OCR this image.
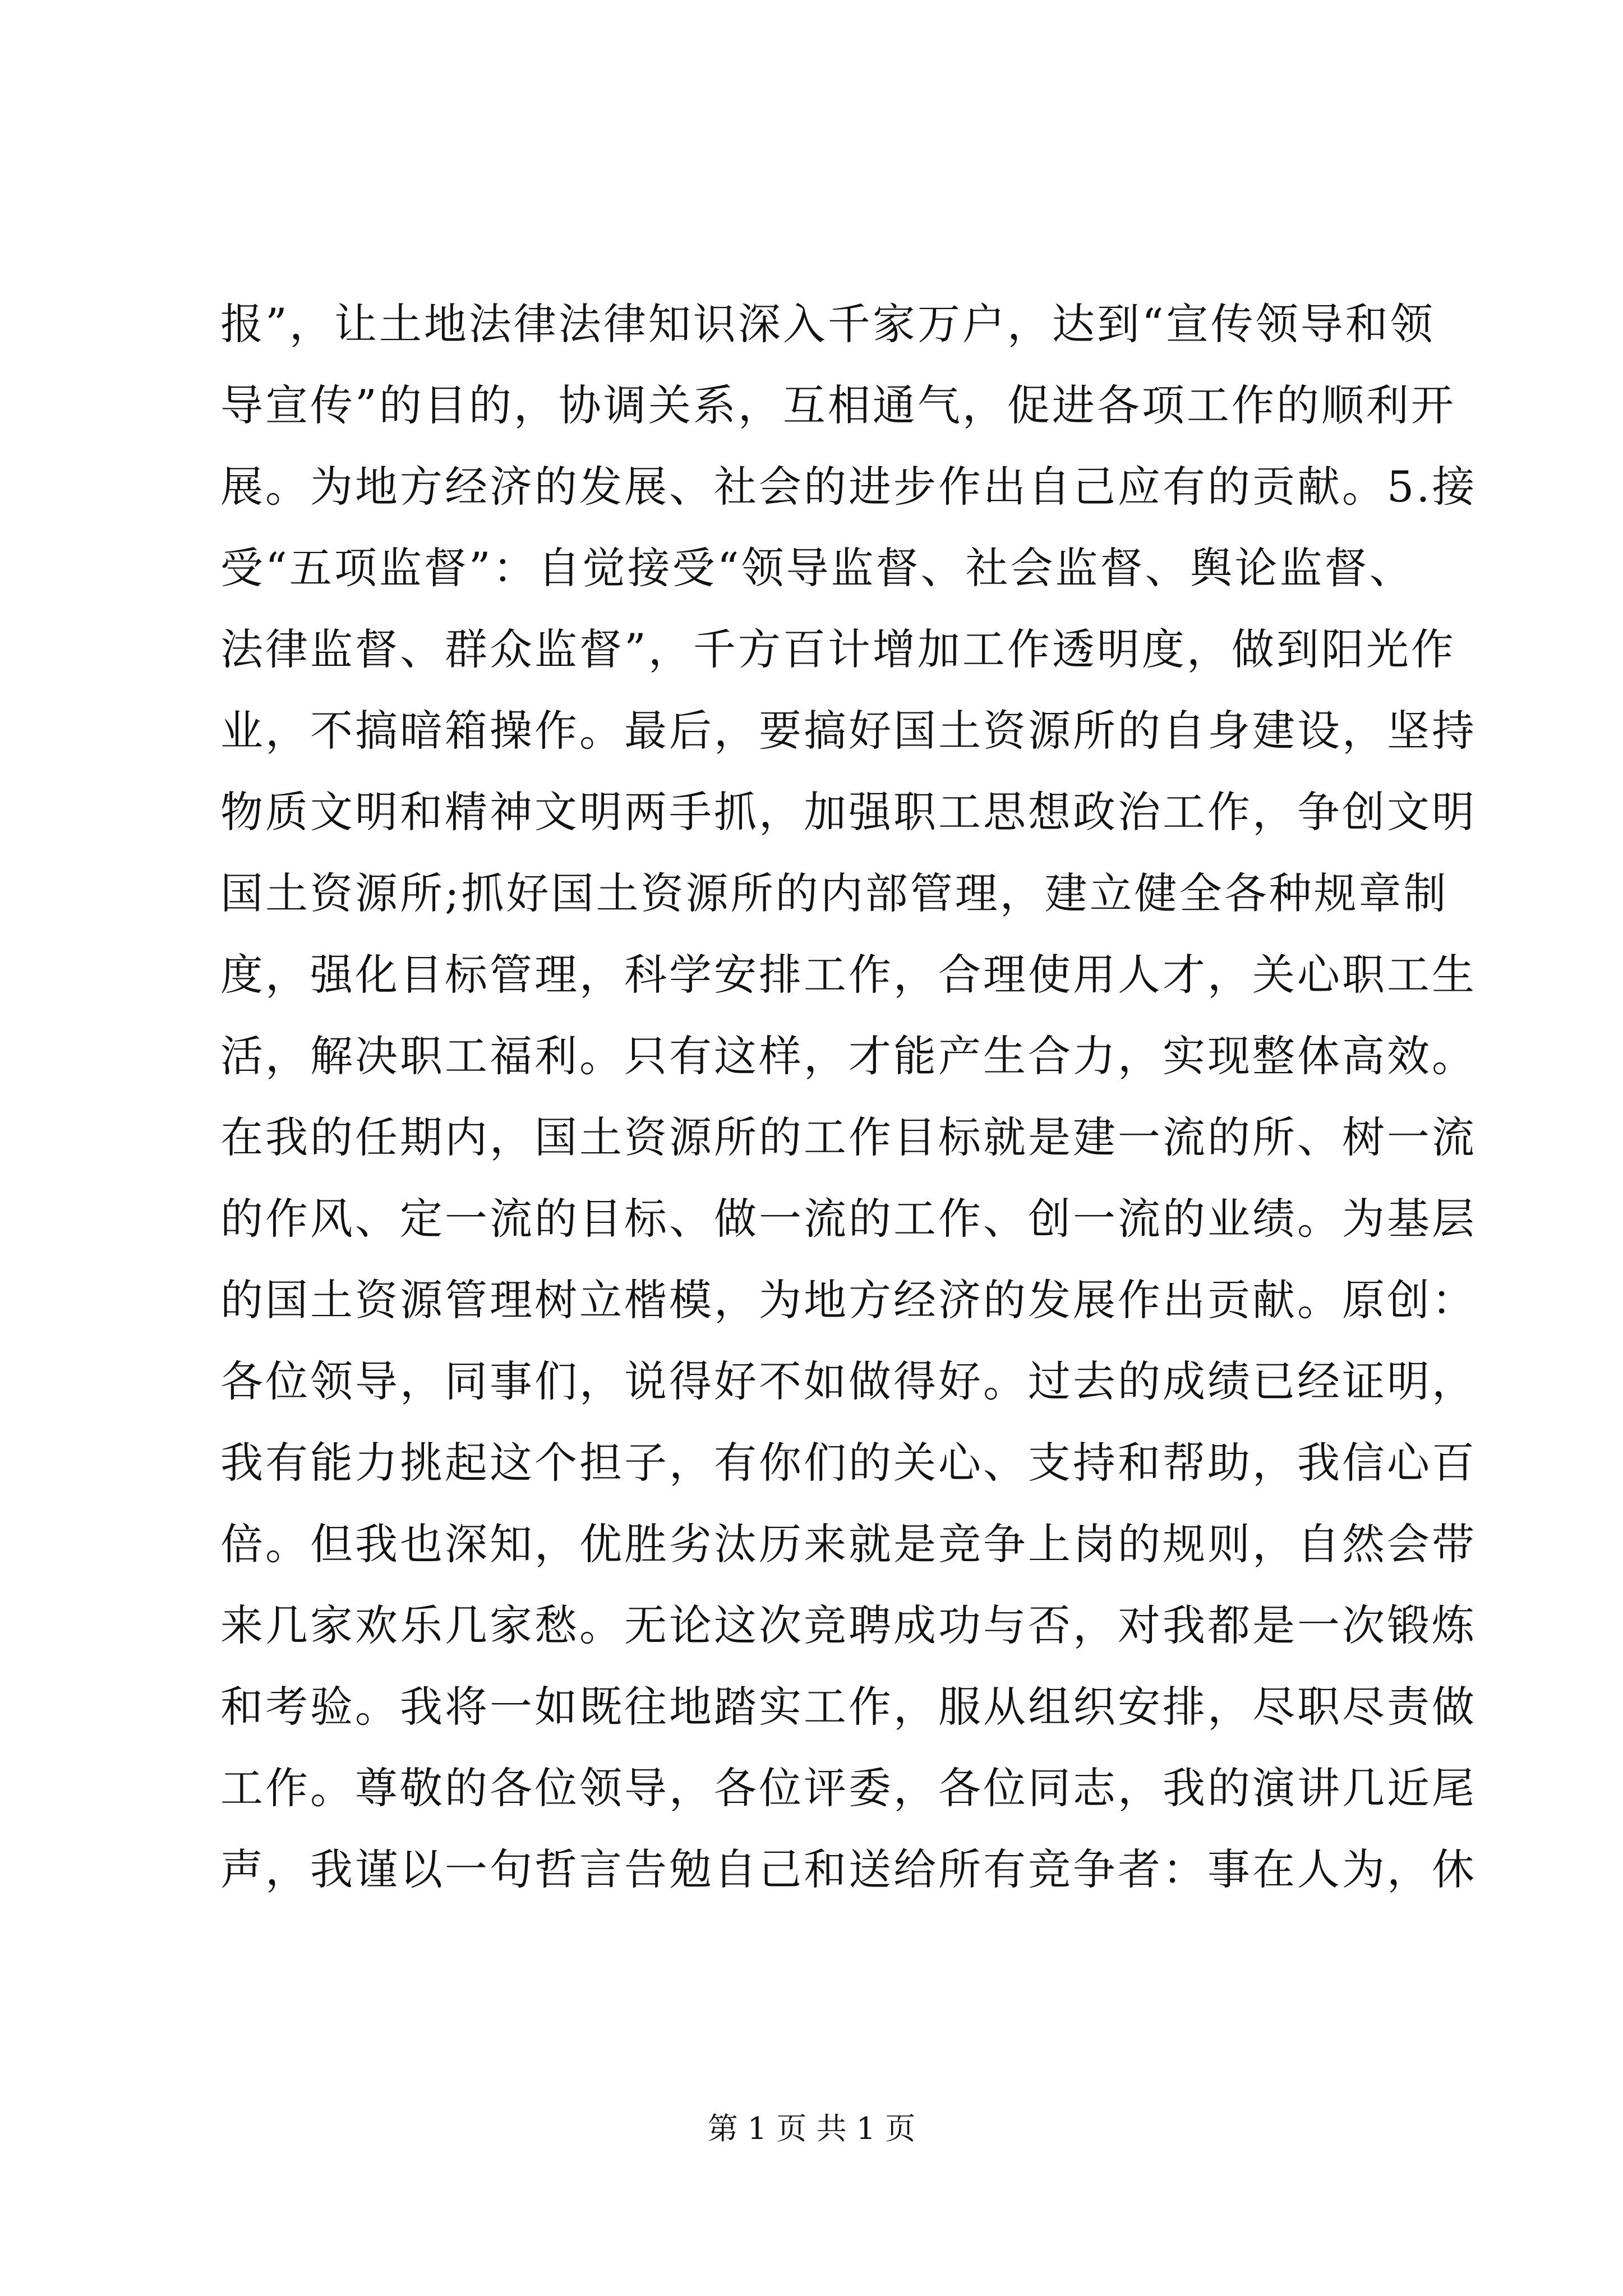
报”，让土地法律法律知识深入千家万户，达到“宣传领导和领
导宣传”的目的，协调关系，互相通气，促进各项工作的顺利开
展。为地方经济的发展、社会的进步作出自己应有的贡献。5.接
受“五项监督”：自觉接受“领导监督、社会监督、舆论监督、
法律监督、群众监督”，千方百计增加工作透明度，做到阳光作
业，不搞暗箱操作。最后，要搞好国土资源所的自身建设，坚持
物质文明和精神文明两手抓，加强职工思想政治工作，争创文明
国土资源所;抓好国土资源所的内部管理，建立健全各种规章制
度，强化目标管理，科学安排工作，合理使用人才，关心职工生
活，解决职工福利。只有这样，才能产生合力，实现整体高效。
在我的任期内，国土资源所的工作目标就是建一流的所、树一流
的作风、定一流的目标、做一流的工作、创一流的业绩。为基层
的国土资源管理树立楷模，为地方经济的发展作出贡献。原创：
各位领导，同事们，说得好不如做得好。过去的成绩已经证明，
我有能力挑起这个担子，有你们的关心、支持和帮助，我信心百
倍。但我也深知，优胜劣汰历来就是竞争上岗的规则，自然会带
来几家欢乐几家愁。无论这次竞聘成功与否，对我都是一次锻炼
和考验。我将一如既往地踏实工作，服从组织安排，尽职尽责做
工作。尊敬的各位领导，各位评委，各位同志，我的演讲几近尾
声，我谨以一句哲言告勉自己和送给所有竞争者：事在人为，休
第 1 页 共 1 页
